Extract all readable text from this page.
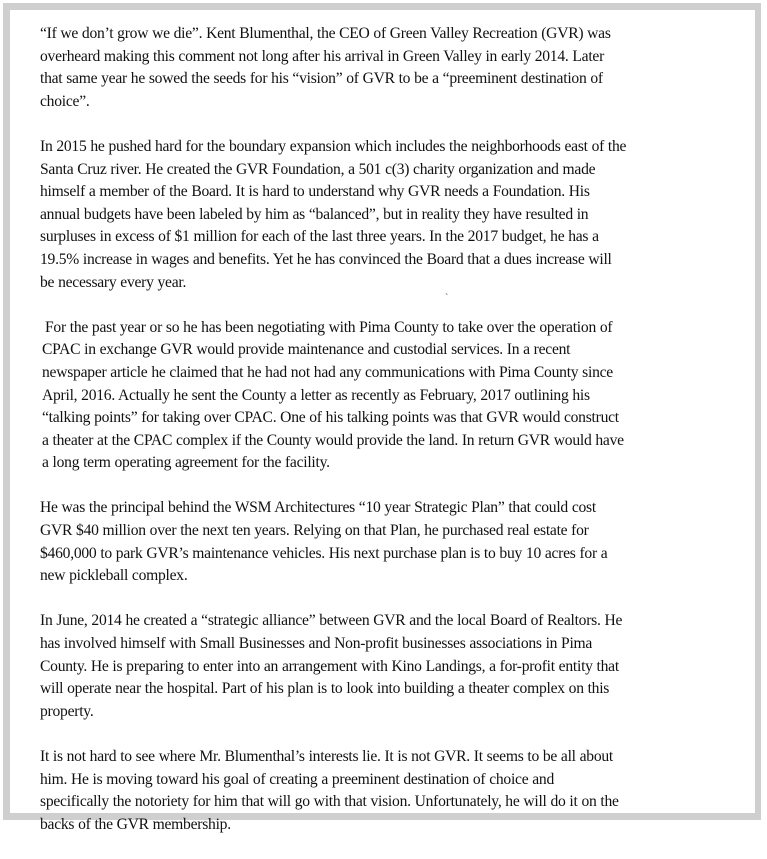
“If we don’t grow we die”. Kent Blumenthal, the CEO of Green Valley Recreation (GVR) was
overheard making this comment not long after his arrival in Green Valley in early 2014. Later
that same year he sowed the seeds for his “vision” of GVR to be a “preeminent destination of
choice”.
In 2015 he pushed hard for the boundary expansion which includes the neighborhoods east of the
Santa Cruz river. He created the GVR Foundation, a 501 c(3) charity organization and made
himself a member of the Board. It is hard to understand why GVR needs a Foundation. His
annual budgets have been labeled by him as “balanced”, but in reality they have resulted in
surpluses in excess of $1 million for each of the last three years. In the 2017 budget, he has a
19.5% increase in wages and benefits. Yet he has convinced the Board that a dues increase will
be necessary every year.
`
For the past year or so he has been negotiating with Pima County to take over the operation of
CPAC in exchange GVR would provide maintenance and custodial services. In a recent
newspaper article he claimed that he had not had any communications with Pima County since
April, 2016. Actually he sent the County a letter as recently as February, 2017 outlining his
“talking points” for taking over CPAC. One of his talking points was that GVR would construct
a theater at the CPAC complex if the County would provide the land. In return GVR would have
a long term operating agreement for the facility.
He was the principal behind the WSM Architectures “10 year Strategic Plan” that could cost
GVR $40 million over the next ten years. Relying on that Plan, he purchased real estate for
$460,000 to park GVR’s maintenance vehicles. His next purchase plan is to buy 10 acres for a
new pickleball complex.
In June, 2014 he created a “strategic alliance” between GVR and the local Board of Realtors. He
has involved himself with Small Businesses and Non-profit businesses associations in Pima
County. He is preparing to enter into an arrangement with Kino Landings, a for-profit entity that
will operate near the hospital. Part of his plan is to look into building a theater complex on this
property.
It is not hard to see where Mr. Blumenthal’s interests lie. It is not GVR. It seems to be all about
him. He is moving toward his goal of creating a preeminent destination of choice and
specifically the notoriety for him that will go with that vision. Unfortunately, he will do it on the
backs of the GVR membership.
